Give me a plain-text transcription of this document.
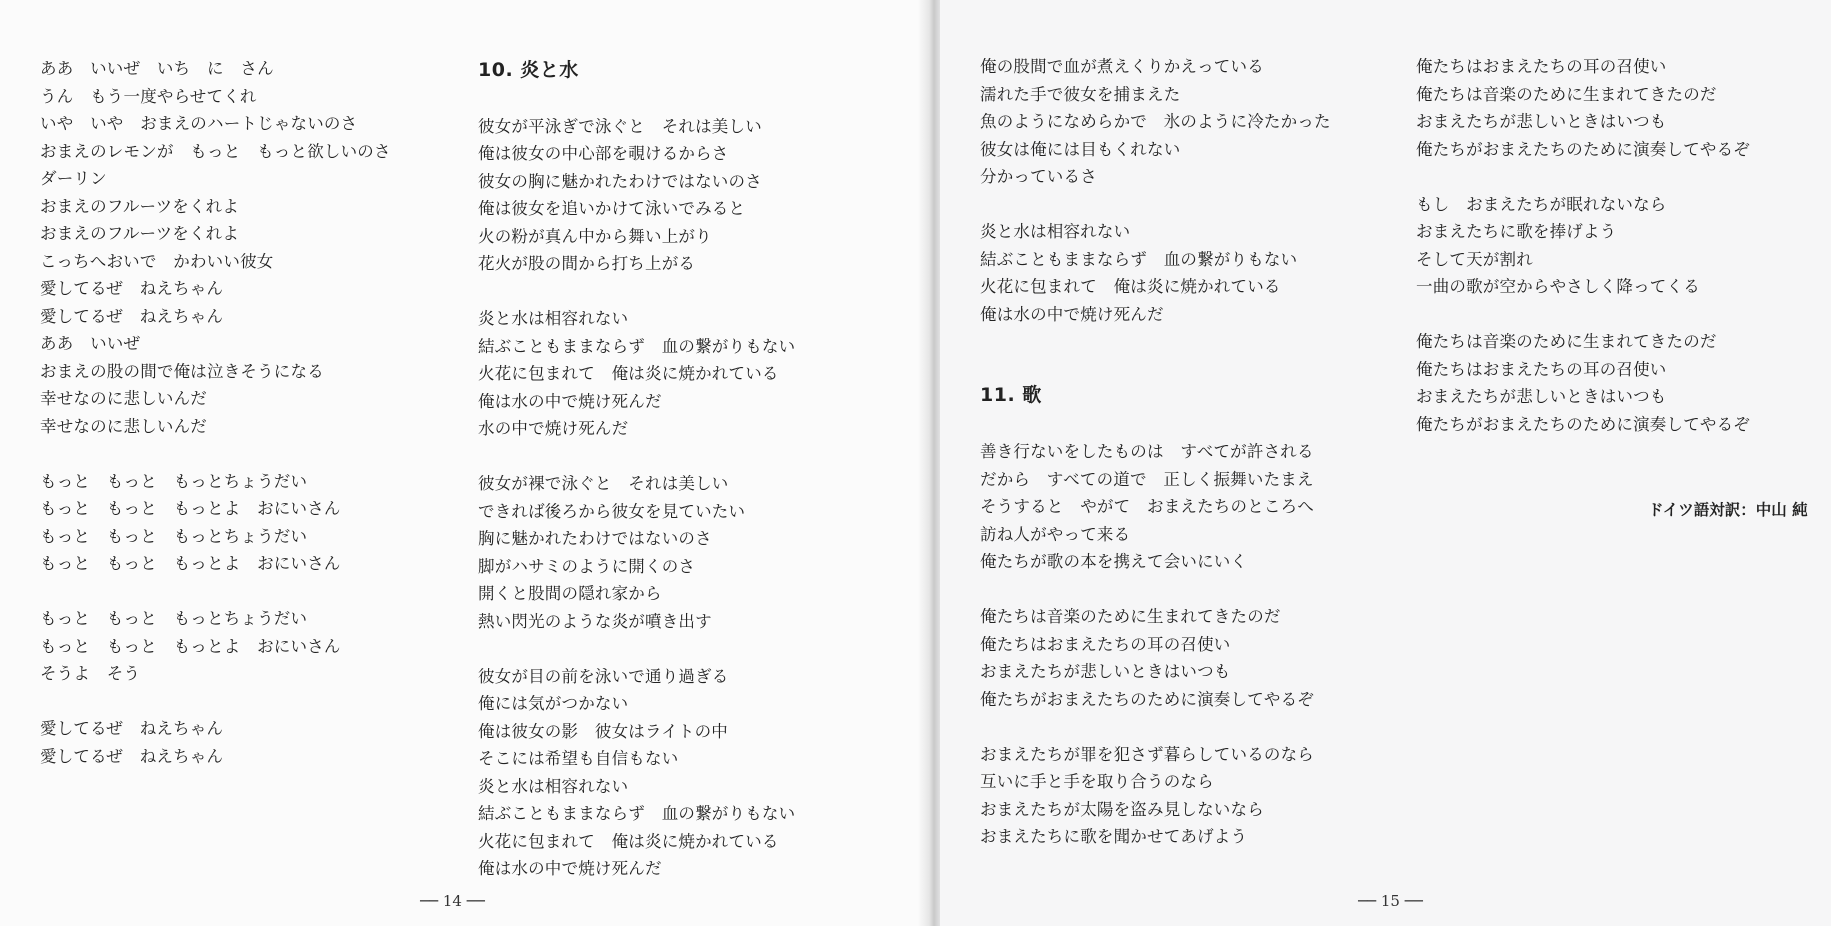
ああ　いいぜ　いち　に　さん
うん　もう一度やらせてくれ
いや　いや　おまえのハートじゃないのさ
おまえのレモンが　もっと　もっと欲しいのさ
ダーリン
おまえのフルーツをくれよ
おまえのフルーツをくれよ
こっちへおいで　かわいい彼女
愛してるぜ　ねえちゃん
愛してるぜ　ねえちゃん
ああ　いいぜ
おまえの股の間で俺は泣きそうになる
幸せなのに悲しいんだ
幸せなのに悲しいんだ
もっと　もっと　もっとちょうだい
もっと　もっと　もっとよ　おにいさん
もっと　もっと　もっとちょうだい
もっと　もっと　もっとよ　おにいさん
もっと　もっと　もっとちょうだい
もっと　もっと　もっとよ　おにいさん
そうよ　そう
愛してるぜ　ねえちゃん
愛してるぜ　ねえちゃん
10. 炎と水
彼女が平泳ぎで泳ぐと　それは美しい
俺は彼女の中心部を覗けるからさ
彼女の胸に魅かれたわけではないのさ
俺は彼女を追いかけて泳いでみると
火の粉が真ん中から舞い上がり
花火が股の間から打ち上がる
炎と水は相容れない
結ぶこともままならず　血の繋がりもない
火花に包まれて　俺は炎に焼かれている
俺は水の中で焼け死んだ
水の中で焼け死んだ
彼女が裸で泳ぐと　それは美しい
できれば後ろから彼女を見ていたい
胸に魅かれたわけではないのさ
脚がハサミのように開くのさ
開くと股間の隠れ家から
熱い閃光のような炎が噴き出す
彼女が目の前を泳いで通り過ぎる
俺には気がつかない
俺は彼女の影　彼女はライトの中
そこには希望も自信もない
炎と水は相容れない
結ぶこともままならず　血の繋がりもない
火花に包まれて　俺は炎に焼かれている
俺は水の中で焼け死んだ
── 14 ──
俺の股間で血が煮えくりかえっている
濡れた手で彼女を捕まえた
魚のようになめらかで　氷のように冷たかった
彼女は俺には目もくれない
分かっているさ
炎と水は相容れない
結ぶこともままならず　血の繋がりもない
火花に包まれて　俺は炎に焼かれている
俺は水の中で焼け死んだ
11. 歌
善き行ないをしたものは　すべてが許される
だから　すべての道で　正しく振舞いたまえ
そうすると　やがて　おまえたちのところへ
訪ね人がやって来る
俺たちが歌の本を携えて会いにいく
俺たちは音楽のために生まれてきたのだ
俺たちはおまえたちの耳の召使い
おまえたちが悲しいときはいつも
俺たちがおまえたちのために演奏してやるぞ
おまえたちが罪を犯さず暮らしているのなら
互いに手と手を取り合うのなら
おまえたちが太陽を盗み見しないなら
おまえたちに歌を聞かせてあげよう
俺たちはおまえたちの耳の召使い
俺たちは音楽のために生まれてきたのだ
おまえたちが悲しいときはいつも
俺たちがおまえたちのために演奏してやるぞ
もし　おまえたちが眠れないなら
おまえたちに歌を捧げよう
そして天が割れ
一曲の歌が空からやさしく降ってくる
俺たちは音楽のために生まれてきたのだ
俺たちはおまえたちの耳の召使い
おまえたちが悲しいときはいつも
俺たちがおまえたちのために演奏してやるぞ
ドイツ語対訳：中山 純
── 15 ──
